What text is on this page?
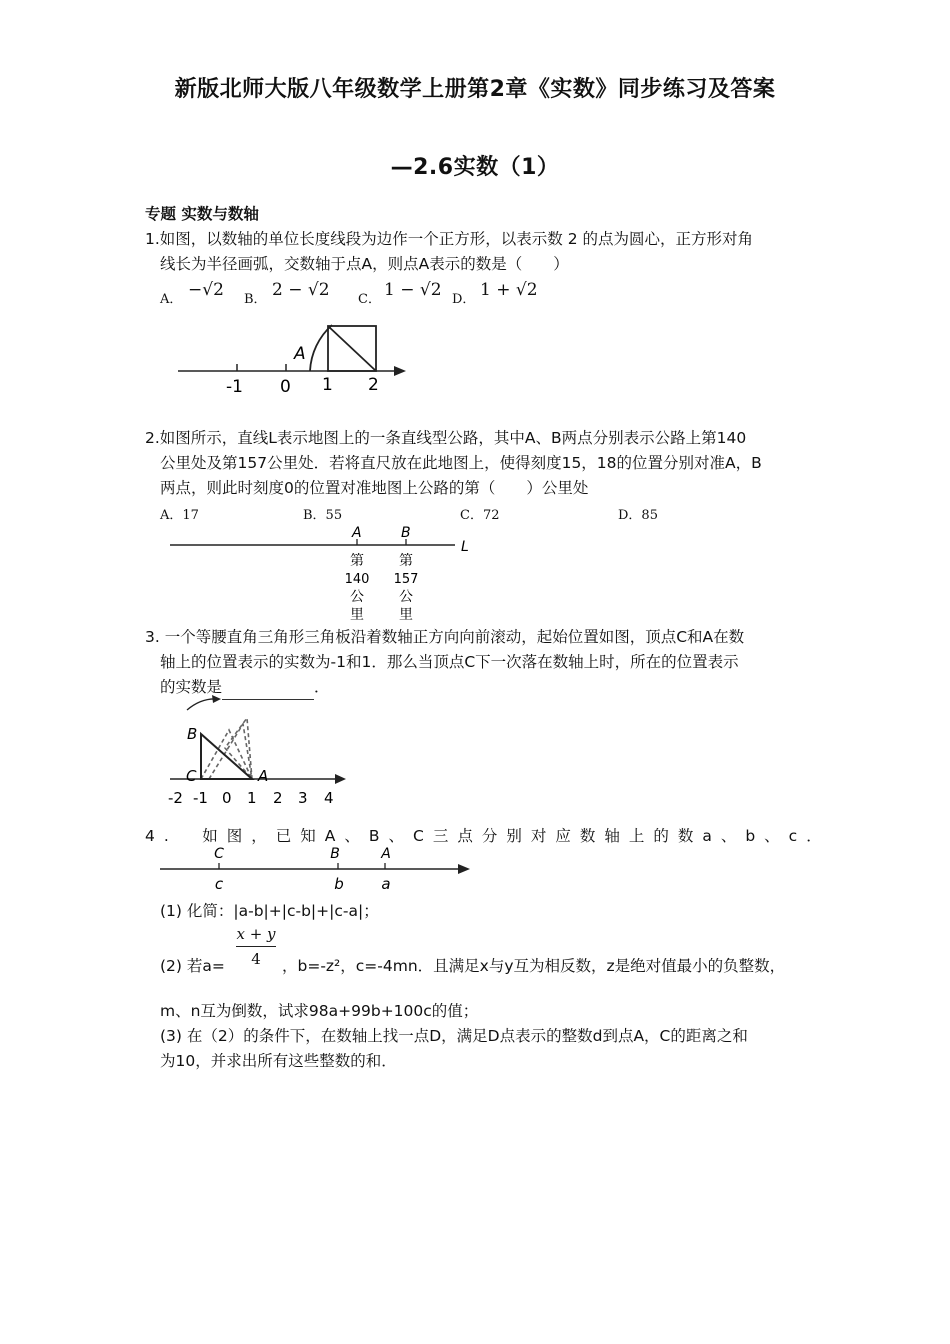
新版北师大版八年级数学上册第2章《实数》同步练习及答案
—2.6实数（1）
专题 实数与数轴
1.如图，以数轴的单位长度线段为边作一个正方形，以表示数 2 的点为圆心，正方形对角
线长为半径画弧，交数轴于点A，则点A表示的数是（　　）
A． −√2 B． 2 − √2 C． 1 − √2 D． 1 + √2
A
-1 0 1 2
2.如图所示，直线L表示地图上的一条直线型公路，其中A、B两点分别表示公路上第140
公里处及第157公里处．若将直尺放在此地图上，使得刻度15，18的位置分别对准A，B
两点，则此时刻度0的位置对准地图上公路的第（　　）公里处
A．17	B．55	C．72	D．85
A	B
L
第
140
公
里
第
157
公
里
3. 一个等腰直角三角形三角板沿着数轴正方向向前滚动，起始位置如图，顶点C和A在数
轴上的位置表示的实数为-1和1．那么当顶点C下一次落在数轴上时，所在的位置表示
的实数是	．
B
C	A
-2 -1 0 1 2 3 4
4.　如图，已知A、B、C三点分别对应数轴上的数a、b、c．
C	B	A
c	b	a
(1) 化简：|a-b|+|c-b|+|c-a|；
x + y
4
(2) 若a=	，b=-z²，c=-4mn．且满足x与y互为相反数，z是绝对值最小的负整数，
m、n互为倒数，试求98a+99b+100c的值；
(3) 在（2）的条件下，在数轴上找一点D，满足D点表示的整数d到点A，C的距离之和
为10，并求出所有这些整数的和．
